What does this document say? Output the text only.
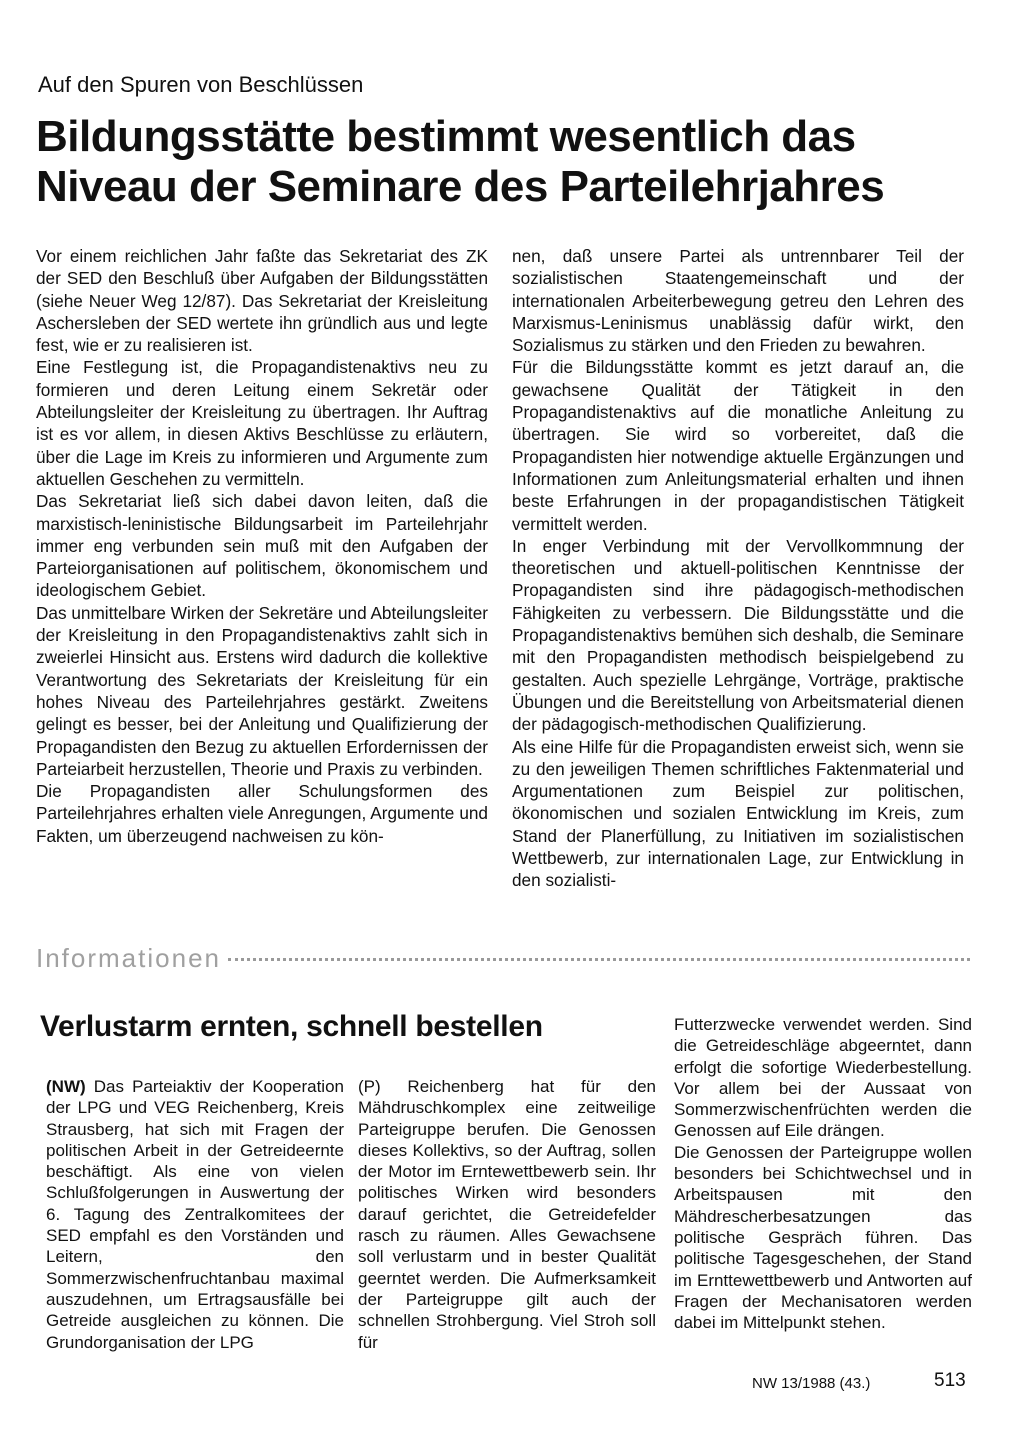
Auf den Spuren von Beschlüssen
Bildungsstätte bestimmt wesentlich das Niveau der Seminare des Parteilehrjahres

Vor einem reichlichen Jahr faßte das Sekretariat des ZK der SED den Beschluß über Aufgaben der Bildungsstätten (siehe Neuer Weg 12/87). Das Sekretariat der Kreisleitung Aschersleben der SED wertete ihn gründlich aus und legte fest, wie er zu realisieren ist.

Eine Festlegung ist, die Propagandistenaktivs neu zu formieren und deren Leitung einem Sekretär oder Abteilungsleiter der Kreisleitung zu übertragen. Ihr Auftrag ist es vor allem, in diesen Aktivs Beschlüsse zu erläutern, über die Lage im Kreis zu informieren und Argumente zum aktuellen Geschehen zu vermitteln.

Das Sekretariat ließ sich dabei davon leiten, daß die marxistisch-leninistische Bildungsarbeit im Parteilehrjahr immer eng verbunden sein muß mit den Aufgaben der Parteiorganisationen auf politischem, ökonomischem und ideologischem Gebiet.

Das unmittelbare Wirken der Sekretäre und Abteilungsleiter der Kreisleitung in den Propagandistenaktivs zahlt sich in zweierlei Hinsicht aus. Erstens wird dadurch die kollektive Verantwortung des Sekretariats der Kreisleitung für ein hohes Niveau des Parteilehrjahres gestärkt. Zweitens gelingt es besser, bei der Anleitung und Qualifizierung der Propagandisten den Bezug zu aktuellen Erfordernissen der Parteiarbeit herzustellen, Theorie und Praxis zu verbinden.

Die Propagandisten aller Schulungsformen des Parteilehrjahres erhalten viele Anregungen, Argumente und Fakten, um überzeugend nachweisen zu kön-

nen, daß unsere Partei als untrennbarer Teil der sozialistischen Staatengemeinschaft und der internationalen Arbeiterbewegung getreu den Lehren des Marxismus-Leninismus unablässig dafür wirkt, den Sozialismus zu stärken und den Frieden zu bewahren.

Für die Bildungsstätte kommt es jetzt darauf an, die gewachsene Qualität der Tätigkeit in den Propagandistenaktivs auf die monatliche Anleitung zu übertragen. Sie wird so vorbereitet, daß die Propagandisten hier notwendige aktuelle Ergänzungen und Informationen zum Anleitungsmaterial erhalten und ihnen beste Erfahrungen in der propagandistischen Tätigkeit vermittelt werden.

In enger Verbindung mit der Vervollkommnung der theoretischen und aktuell-politischen Kenntnisse der Propagandisten sind ihre pädagogisch-methodischen Fähigkeiten zu verbessern. Die Bildungsstätte und die Propagandistenaktivs bemühen sich deshalb, die Seminare mit den Propagandisten methodisch beispielgebend zu gestalten. Auch spezielle Lehrgänge, Vorträge, praktische Übungen und die Bereitstellung von Arbeitsmaterial dienen der pädagogisch-methodischen Qualifizierung.

Als eine Hilfe für die Propagandisten erweist sich, wenn sie zu den jeweiligen Themen schriftliches Faktenmaterial und Argumentationen zum Beispiel zur politischen, ökonomischen und sozialen Entwicklung im Kreis, zum Stand der Planerfüllung, zu Initiativen im sozialistischen Wettbewerb, zur internationalen Lage, zur Entwicklung in den sozialisti-

Informationen
Verlustarm ernten, schnell bestellen

(NW) Das Parteiaktiv der Kooperation der LPG und VEG Reichenberg, Kreis Strausberg, hat sich mit Fragen der politischen Arbeit in der Getreideernte beschäftigt. Als eine von vielen Schlußfolgerungen in Auswertung der 6. Tagung des Zentralkomitees der SED empfahl es den Vorständen und Leitern, den Sommerzwischenfruchtanbau maximal auszudehnen, um Ertragsausfälle bei Getreide ausgleichen zu können. Die Grundorganisation der LPG

(P) Reichenberg hat für den Mähdruschkomplex eine zeitweilige Parteigruppe berufen. Die Genossen dieses Kollektivs, so der Auftrag, sollen der Motor im Erntewettbewerb sein. Ihr politisches Wirken wird besonders darauf gerichtet, die Getreidefelder rasch zu räumen. Alles Gewachsene soll verlustarm und in bester Qualität geerntet werden. Die Aufmerksamkeit der Parteigruppe gilt auch der schnellen Strohbergung. Viel Stroh soll für

Futterzwecke verwendet werden. Sind die Getreideschläge abgeerntet, dann erfolgt die sofortige Wiederbestellung. Vor allem bei der Aussaat von Sommerzwischenfrüchten werden die Genossen auf Eile drängen.

Die Genossen der Parteigruppe wollen besonders bei Schichtwechsel und in Arbeitspausen mit den Mähdrescherbesatzungen das politische Gespräch führen. Das politische Tagesgeschehen, der Stand im Ernttewettbewerb und Antworten auf Fragen der Mechanisatoren werden dabei im Mittelpunkt stehen.

NW 13/1988 (43.)	513
